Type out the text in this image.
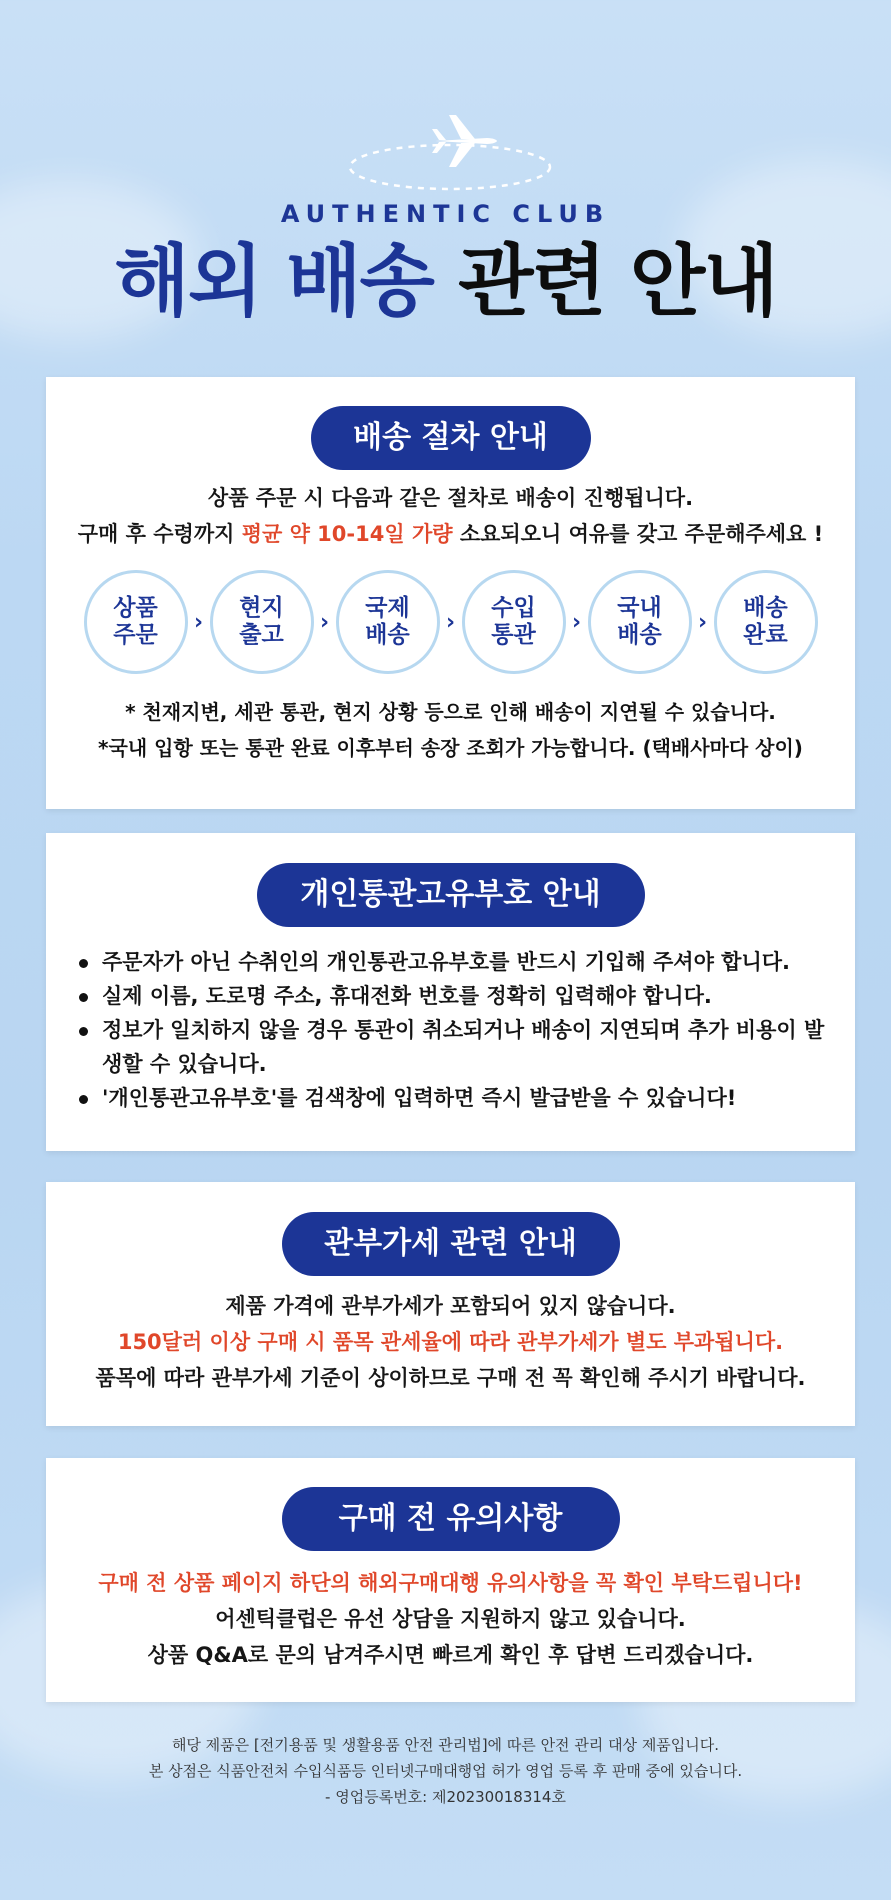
AUTHENTIC CLUB
해외 배송 관련 안내
배송 절차 안내
상품 주문 시 다음과 같은 절차로 배송이 진행됩니다.
구매 후 수령까지 평균 약 10-14일 가량 소요되오니 여유를 갖고 주문해주세요 !
상품
주문 ›
현지
출고 ›
국제
배송 ›
수입
통관 ›
국내
배송 ›
배송
완료
* 천재지변, 세관 통관, 현지 상황 등으로 인해 배송이 지연될 수 있습니다.
*국내 입항 또는 통관 완료 이후부터 송장 조회가 가능합니다. (택배사마다 상이)
개인통관고유부호 안내
주문자가 아닌 수취인의 개인통관고유부호를 반드시 기입해 주셔야 합니다.
실제 이름, 도로명 주소, 휴대전화 번호를 정확히 입력해야 합니다.
정보가 일치하지 않을 경우 통관이 취소되거나 배송이 지연되며 추가 비용이 발생할 수 있습니다.
'개인통관고유부호'를 검색창에 입력하면 즉시 발급받을 수 있습니다!
관부가세 관련 안내
제품 가격에 관부가세가 포함되어 있지 않습니다.
150달러 이상 구매 시 품목 관세율에 따라 관부가세가 별도 부과됩니다.
품목에 따라 관부가세 기준이 상이하므로 구매 전 꼭 확인해 주시기 바랍니다.
구매 전 유의사항
구매 전 상품 페이지 하단의 해외구매대행 유의사항을 꼭 확인 부탁드립니다!
어센틱클럽은 유선 상담을 지원하지 않고 있습니다.
상품 Q&A로 문의 남겨주시면 빠르게 확인 후 답변 드리겠습니다.
해당 제품은 [전기용품 및 생활용품 안전 관리법]에 따른 안전 관리 대상 제품입니다.
본 상점은 식품안전처 수입식품등 인터넷구매대행업 허가 영업 등록 후 판매 중에 있습니다.
- 영업등록번호: 제20230018314호
